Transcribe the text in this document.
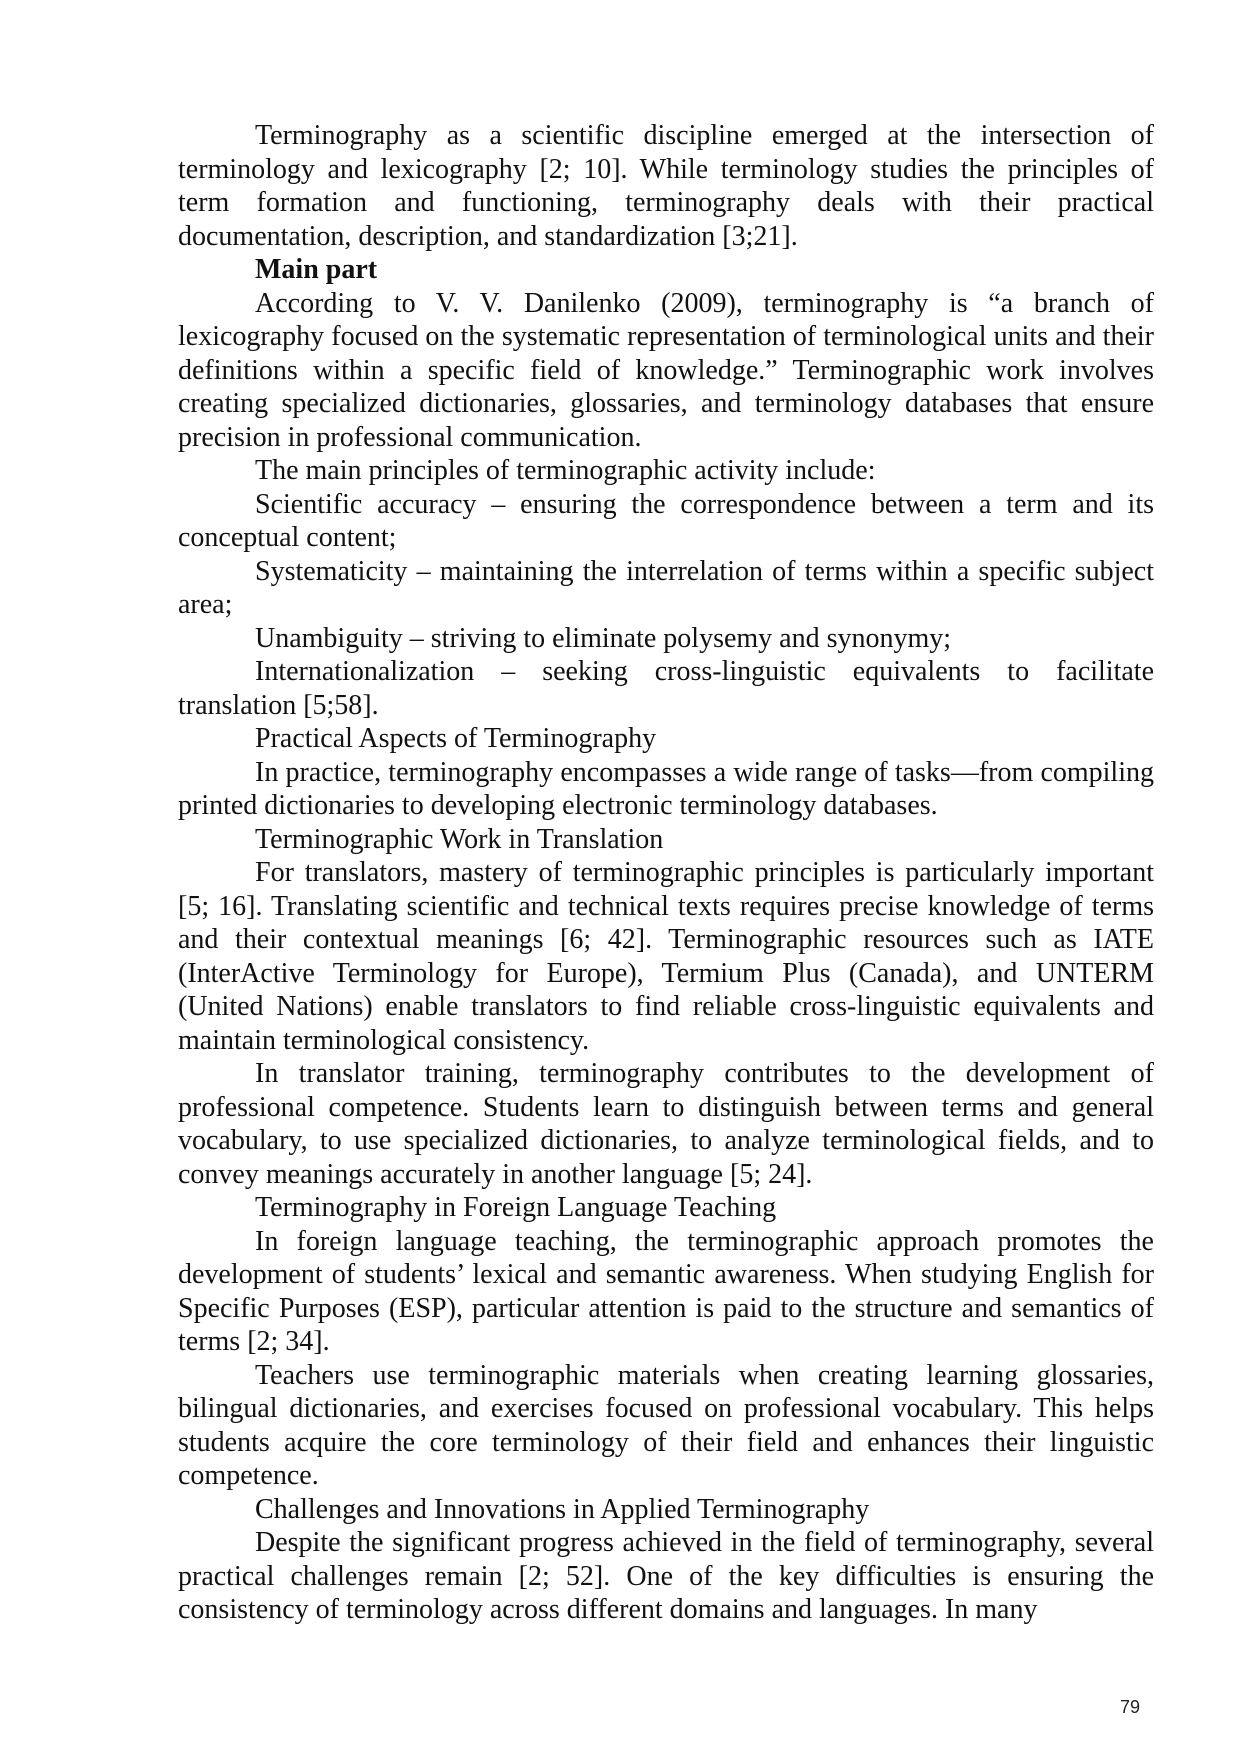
Terminography as a scientific discipline emerged at the intersection of terminology and lexicography [2; 10]. While terminology studies the principles of term formation and functioning, terminography deals with their practical documentation, description, and standardization [3;21].

Main part

According to V. V. Danilenko (2009), terminography is “a branch of lexicography focused on the systematic representation of terminological units and their definitions within a specific field of knowledge.” Terminographic work involves creating specialized dictionaries, glossaries, and terminology databases that ensure precision in professional communication.

The main principles of terminographic activity include:

Scientific accuracy – ensuring the correspondence between a term and its conceptual content;

Systematicity – maintaining the interrelation of terms within a specific subject area;

Unambiguity – striving to eliminate polysemy and synonymy;

Internationalization – seeking cross-linguistic equivalents to facilitate translation [5;58].

Practical Aspects of Terminography

In practice, terminography encompasses a wide range of tasks—from compiling printed dictionaries to developing electronic terminology databases.

Terminographic Work in Translation

For translators, mastery of terminographic principles is particularly important [5; 16]. Translating scientific and technical texts requires precise knowledge of terms and their contextual meanings [6; 42]. Terminographic resources such as IATE (InterActive Terminology for Europe), Termium Plus (Canada), and UNTERM (United Nations) enable translators to find reliable cross-linguistic equivalents and maintain terminological consistency.

In translator training, terminography contributes to the development of professional competence. Students learn to distinguish between terms and general vocabulary, to use specialized dictionaries, to analyze terminological fields, and to convey meanings accurately in another language [5; 24].

Terminography in Foreign Language Teaching

In foreign language teaching, the terminographic approach promotes the development of students’ lexical and semantic awareness. When studying English for Specific Purposes (ESP), particular attention is paid to the structure and semantics of terms [2; 34].

Teachers use terminographic materials when creating learning glossaries, bilingual dictionaries, and exercises focused on professional vocabulary. This helps students acquire the core terminology of their field and enhances their linguistic competence.

Challenges and Innovations in Applied Terminography

Despite the significant progress achieved in the field of terminography, several practical challenges remain [2; 52]. One of the key difficulties is ensuring the consistency of terminology across different domains and languages. In many

79
